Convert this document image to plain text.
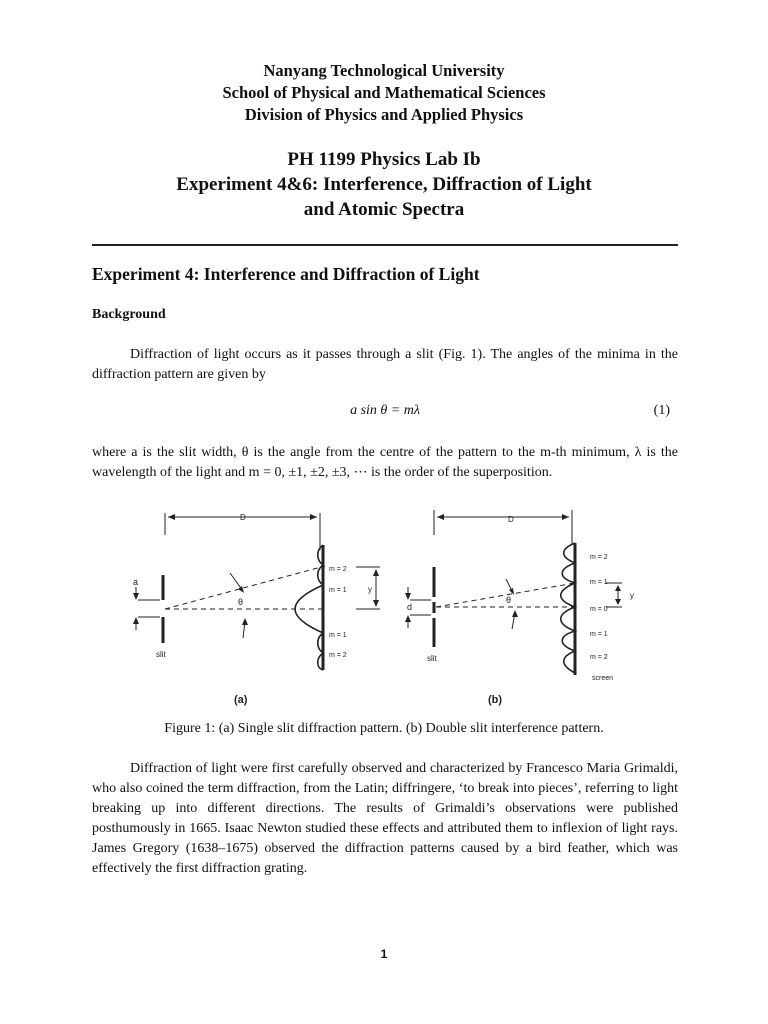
Nanyang Technological University
School of Physical and Mathematical Sciences
Division of Physics and Applied Physics
PH 1199 Physics Lab Ib
Experiment 4&6: Interference, Diffraction of Light
and Atomic Spectra
Experiment 4: Interference and Diffraction of Light
Background

Diffraction of light occurs as it passes through a slit (Fig. 1). The angles of the minima in the diffraction pattern are given by

a sin θ = mλ	(1)

where a is the slit width, θ is the angle from the centre of the pattern to the m-th minimum, λ is the wavelength of the light and m = 0, ±1, ±2, ±3, ⋯ is the order of the superposition.

D
a
θ
y
slit
m = 2
m = 1
m = 1
m = 2
(a)
D
d
θ	y
slit
screen
m = 2
m = 1
m = 0
m = 1
m = 2
(b)
Figure 1: (a) Single slit diffraction pattern. (b) Double slit interference pattern.

Diffraction of light were first carefully observed and characterized by Francesco Maria Grimaldi, who also coined the term diffraction, from the Latin; diffringere, ‘to break into pieces’, referring to light breaking up into different directions. The results of Grimaldi’s observations were published posthumously in 1665. Isaac Newton studied these effects and attributed them to inflexion of light rays. James Gregory (1638–1675) observed the diffraction patterns caused by a bird feather, which was effectively the first diffraction grating.

1
